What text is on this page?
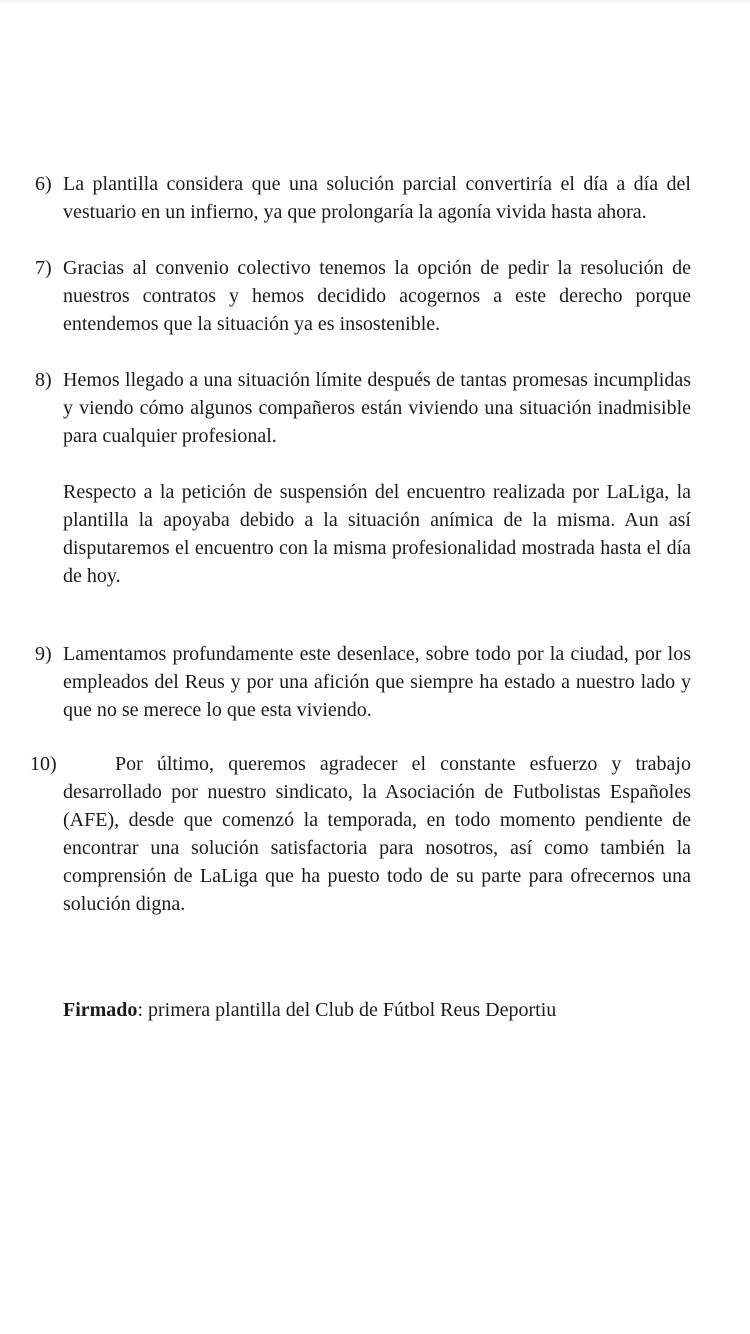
6) La plantilla considera que una solución parcial convertiría el día a día del vestuario en un infierno, ya que prolongaría la agonía vivida hasta ahora.

7) Gracias al convenio colectivo tenemos la opción de pedir la resolución de nuestros contratos y hemos decidido acogernos a este derecho porque entendemos que la situación ya es insostenible.

8) Hemos llegado a una situación límite después de tantas promesas incumplidas y viendo cómo algunos compañeros están viviendo una situación inadmisible para cualquier profesional.

Respecto a la petición de suspensión del encuentro realizada por LaLiga, la plantilla la apoyaba debido a la situación anímica de la misma. Aun así disputaremos el encuentro con la misma profesionalidad mostrada hasta el día de hoy.

9) Lamentamos profundamente este desenlace, sobre todo por la ciudad, por los empleados del Reus y por una afición que siempre ha estado a nuestro lado y que no se merece lo que esta viviendo.

10)	Por último, queremos agradecer el constante esfuerzo y trabajo desarrollado por nuestro sindicato, la Asociación de Futbolistas Españoles (AFE), desde que comenzó la temporada, en todo momento pendiente de encontrar una solución satisfactoria para nosotros, así como también la comprensión de LaLiga que ha puesto todo de su parte para ofrecernos una solución digna.

Firmado: primera plantilla del Club de Fútbol Reus Deportiu
